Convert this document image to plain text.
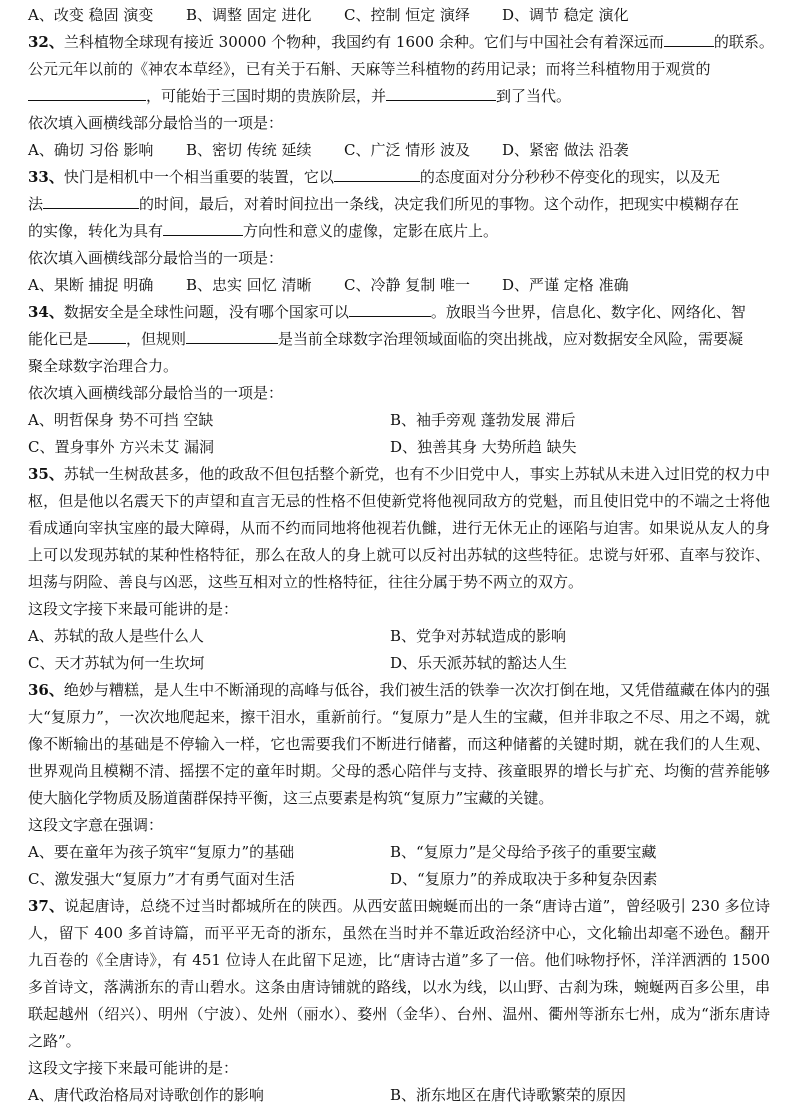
A、改变 稳固 演变	B、调整 固定 进化	C、控制 恒定 演绎	D、调节 稳定 演化
32、兰科植物全球现有接近 30000 个物种，我国约有 1600 余种。它们与中国社会有着深远而	的联系。
公元元年以前的《神农本草经》，已有关于石斛、天麻等兰科植物的药用记录；而将兰科植物用于观赏的
，可能始于三国时期的贵族阶层，并	到了当代。
依次填入画横线部分最恰当的一项是：
A、确切 习俗 影响	B、密切 传统 延续	C、广泛 情形 波及	D、紧密 做法 沿袭
33、快门是相机中一个相当重要的装置，它以	的态度面对分分秒秒不停变化的现实，以及无
法	的时间，最后，对着时间拉出一条线，决定我们所见的事物。这个动作，把现实中模糊存在
的实像，转化为具有	方向性和意义的虚像，定影在底片上。
依次填入画横线部分最恰当的一项是：
A、果断 捕捉 明确	B、忠实 回忆 清晰	C、冷静 复制 唯一	D、严谨 定格 准确
34、数据安全是全球性问题，没有哪个国家可以	。放眼当今世界，信息化、数字化、网络化、智
能化已是	，但规则	是当前全球数字治理领域面临的突出挑战，应对数据安全风险，需要凝
聚全球数字治理合力。
依次填入画横线部分最恰当的一项是：
A、明哲保身 势不可挡 空缺	B、袖手旁观 蓬勃发展 滞后
C、置身事外 方兴未艾 漏洞	D、独善其身 大势所趋 缺失
35、苏轼一生树敌甚多，他的政敌不但包括整个新党，也有不少旧党中人，事实上苏轼从未进入过旧党的权力中枢，但是他以名震天下的声望和直言无忌的性格不但使新党将他视同敌方的党魁，而且使旧党中的不端之士将他看成通向宰执宝座的最大障碍，从而不约而同地将他视若仇雠，进行无休无止的诬陷与迫害。如果说从友人的身上可以发现苏轼的某种性格特征，那么在敌人的身上就可以反衬出苏轼的这些特征。忠谠与奸邪、直率与狡诈、坦荡与阴险、善良与凶恶，这些互相对立的性格特征，往往分属于势不两立的双方。
这段文字接下来最可能讲的是：
A、苏轼的敌人是些什么人	B、党争对苏轼造成的影响
C、天才苏轼为何一生坎坷	D、乐天派苏轼的豁达人生
36、绝妙与糟糕，是人生中不断涌现的高峰与低谷，我们被生活的铁拳一次次打倒在地，又凭借蕴藏在体内的强大“复原力”，一次次地爬起来，擦干泪水，重新前行。“复原力”是人生的宝藏，但并非取之不尽、用之不竭，就像不断输出的基础是不停输入一样，它也需要我们不断进行储蓄，而这种储蓄的关键时期，就在我们的人生观、世界观尚且模糊不清、摇摆不定的童年时期。父母的悉心陪伴与支持、孩童眼界的增长与扩充、均衡的营养能够使大脑化学物质及肠道菌群保持平衡，这三点要素是构筑“复原力”宝藏的关键。
这段文字意在强调：
A、要在童年为孩子筑牢“复原力”的基础	B、“复原力”是父母给予孩子的重要宝藏
C、激发强大“复原力”才有勇气面对生活	D、“复原力”的养成取决于多种复杂因素
37、说起唐诗，总绕不过当时都城所在的陕西。从西安蓝田蜿蜒而出的一条“唐诗古道”，曾经吸引 230 多位诗人，留下 400 多首诗篇，而平平无奇的浙东，虽然在当时并不靠近政治经济中心，文化输出却毫不逊色。翻开九百卷的《全唐诗》，有 451 位诗人在此留下足迹，比“唐诗古道”多了一倍。他们咏物抒怀，洋洋洒洒的 1500 多首诗文，落满浙东的青山碧水。这条由唐诗铺就的路线，以水为线，以山野、古刹为珠，蜿蜒两百多公里，串联起越州（绍兴）、明州（宁波）、处州（丽水）、婺州（金华）、台州、温州、衢州等浙东七州，成为“浙东唐诗之路”。
这段文字接下来最可能讲的是：
A、唐代政治格局对诗歌创作的影响	B、浙东地区在唐代诗歌繁荣的原因
